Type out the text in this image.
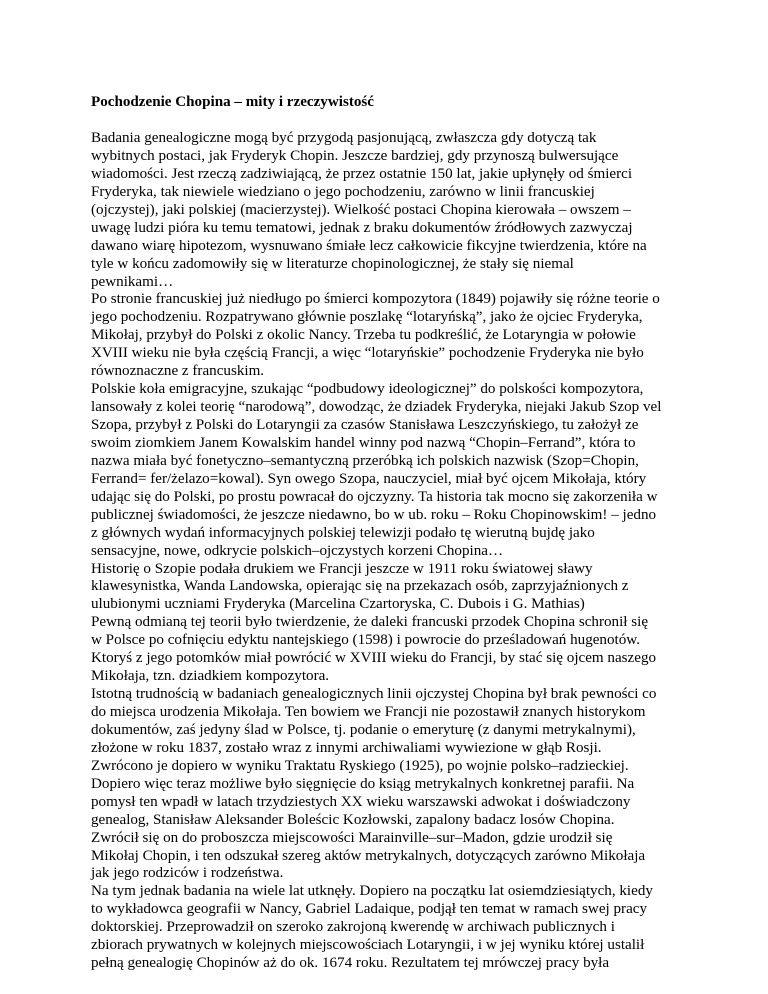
Pochodzenie Chopina – mity i rzeczywistość
Badania genealogiczne mogą być przygodą pasjonującą, zwłaszcza gdy dotyczą tak
wybitnych postaci, jak Fryderyk Chopin. Jeszcze bardziej, gdy przynoszą bulwersujące
wiadomości. Jest rzeczą zadziwiającą, że przez ostatnie 150 lat, jakie upłynęły od śmierci
Fryderyka, tak niewiele wiedziano o jego pochodzeniu, zarówno w linii francuskiej
(ojczystej), jaki polskiej (macierzystej). Wielkość postaci Chopina kierowała – owszem –
uwagę ludzi pióra ku temu tematowi, jednak z braku dokumentów źródłowych zazwyczaj
dawano wiarę hipotezom, wysnuwano śmiałe lecz całkowicie fikcyjne twierdzenia, które na
tyle w końcu zadomowiły się w literaturze chopinologicznej, że stały się niemal
pewnikami…
Po stronie francuskiej już niedługo po śmierci kompozytora (1849) pojawiły się różne teorie o
jego pochodzeniu. Rozpatrywano głównie poszlakę “lotaryńską”, jako że ojciec Fryderyka,
Mikołaj, przybył do Polski z okolic Nancy. Trzeba tu podkreślić, że Lotaryngia w połowie
XVIII wieku nie była częścią Francji, a więc “lotaryńskie” pochodzenie Fryderyka nie było
równoznaczne z francuskim.
Polskie koła emigracyjne, szukając “podbudowy ideologicznej” do polskości kompozytora,
lansowały z kolei teorię “narodową”, dowodząc, że dziadek Fryderyka, niejaki Jakub Szop vel
Szopa, przybył z Polski do Lotaryngii za czasów Stanisława Leszczyńskiego, tu założył ze
swoim ziomkiem Janem Kowalskim handel winny pod nazwą “Chopin–Ferrand”, która to
nazwa miała być fonetyczno–semantyczną przeróbką ich polskich nazwisk (Szop=Chopin,
Ferrand= fer/żelazo=kowal). Syn owego Szopa, nauczyciel, miał być ojcem Mikołaja, który
udając się do Polski, po prostu powracał do ojczyzny. Ta historia tak mocno się zakorzeniła w
publicznej świadomości, że jeszcze niedawno, bo w ub. roku – Roku Chopinowskim! – jedno
z głównych wydań informacyjnych polskiej telewizji podało tę wierutną bujdę jako
sensacyjne, nowe, odkrycie polskich–ojczystych korzeni Chopina…
Historię o Szopie podała drukiem we Francji jeszcze w 1911 roku światowej sławy
klawesynistka, Wanda Landowska, opierając się na przekazach osób, zaprzyjaźnionych z
ulubionymi uczniami Fryderyka (Marcelina Czartoryska, C. Dubois i G. Mathias)
Pewną odmianą tej teorii było twierdzenie, że daleki francuski przodek Chopina schronił się
w Polsce po cofnięciu edyktu nantejskiego (1598) i powrocie do prześladowań hugenotów.
Ktoryś z jego potomków miał powrócić w XVIII wieku do Francji, by stać się ojcem naszego
Mikołaja, tzn. dziadkiem kompozytora.
Istotną trudnością w badaniach genealogicznych linii ojczystej Chopina był brak pewności co
do miejsca urodzenia Mikołaja. Ten bowiem we Francji nie pozostawił znanych historykom
dokumentów, zaś jedyny ślad w Polsce, tj. podanie o emeryturę (z danymi metrykalnymi),
złożone w roku 1837, zostało wraz z innymi archiwaliami wywiezione w głąb Rosji.
Zwrócono je dopiero w wyniku Traktatu Ryskiego (1925), po wojnie polsko–radzieckiej.
Dopiero więc teraz możliwe było sięgnięcie do ksiąg metrykalnych konkretnej parafii. Na
pomysł ten wpadł w latach trzydziestych XX wieku warszawski adwokat i doświadczony
genealog, Stanisław Aleksander Boleścic Kozłowski, zapalony badacz losów Chopina.
Zwrócił się on do proboszcza miejscowości Marainville–sur–Madon, gdzie urodził się
Mikołaj Chopin, i ten odszukał szereg aktów metrykalnych, dotyczących zarówno Mikołaja
jak jego rodziców i rodzeństwa.
Na tym jednak badania na wiele lat utknęły. Dopiero na początku lat osiemdziesiątych, kiedy
to wykładowca geografii w Nancy, Gabriel Ladaique, podjął ten temat w ramach swej pracy
doktorskiej. Przeprowadził on szeroko zakrojoną kwerendę w archiwach publicznych i
zbiorach prywatnych w kolejnych miejscowościach Lotaryngii, i w jej wyniku której ustalił
pełną genealogię Chopinów aż do ok. 1674 roku. Rezultatem tej mrówczej pracy była
